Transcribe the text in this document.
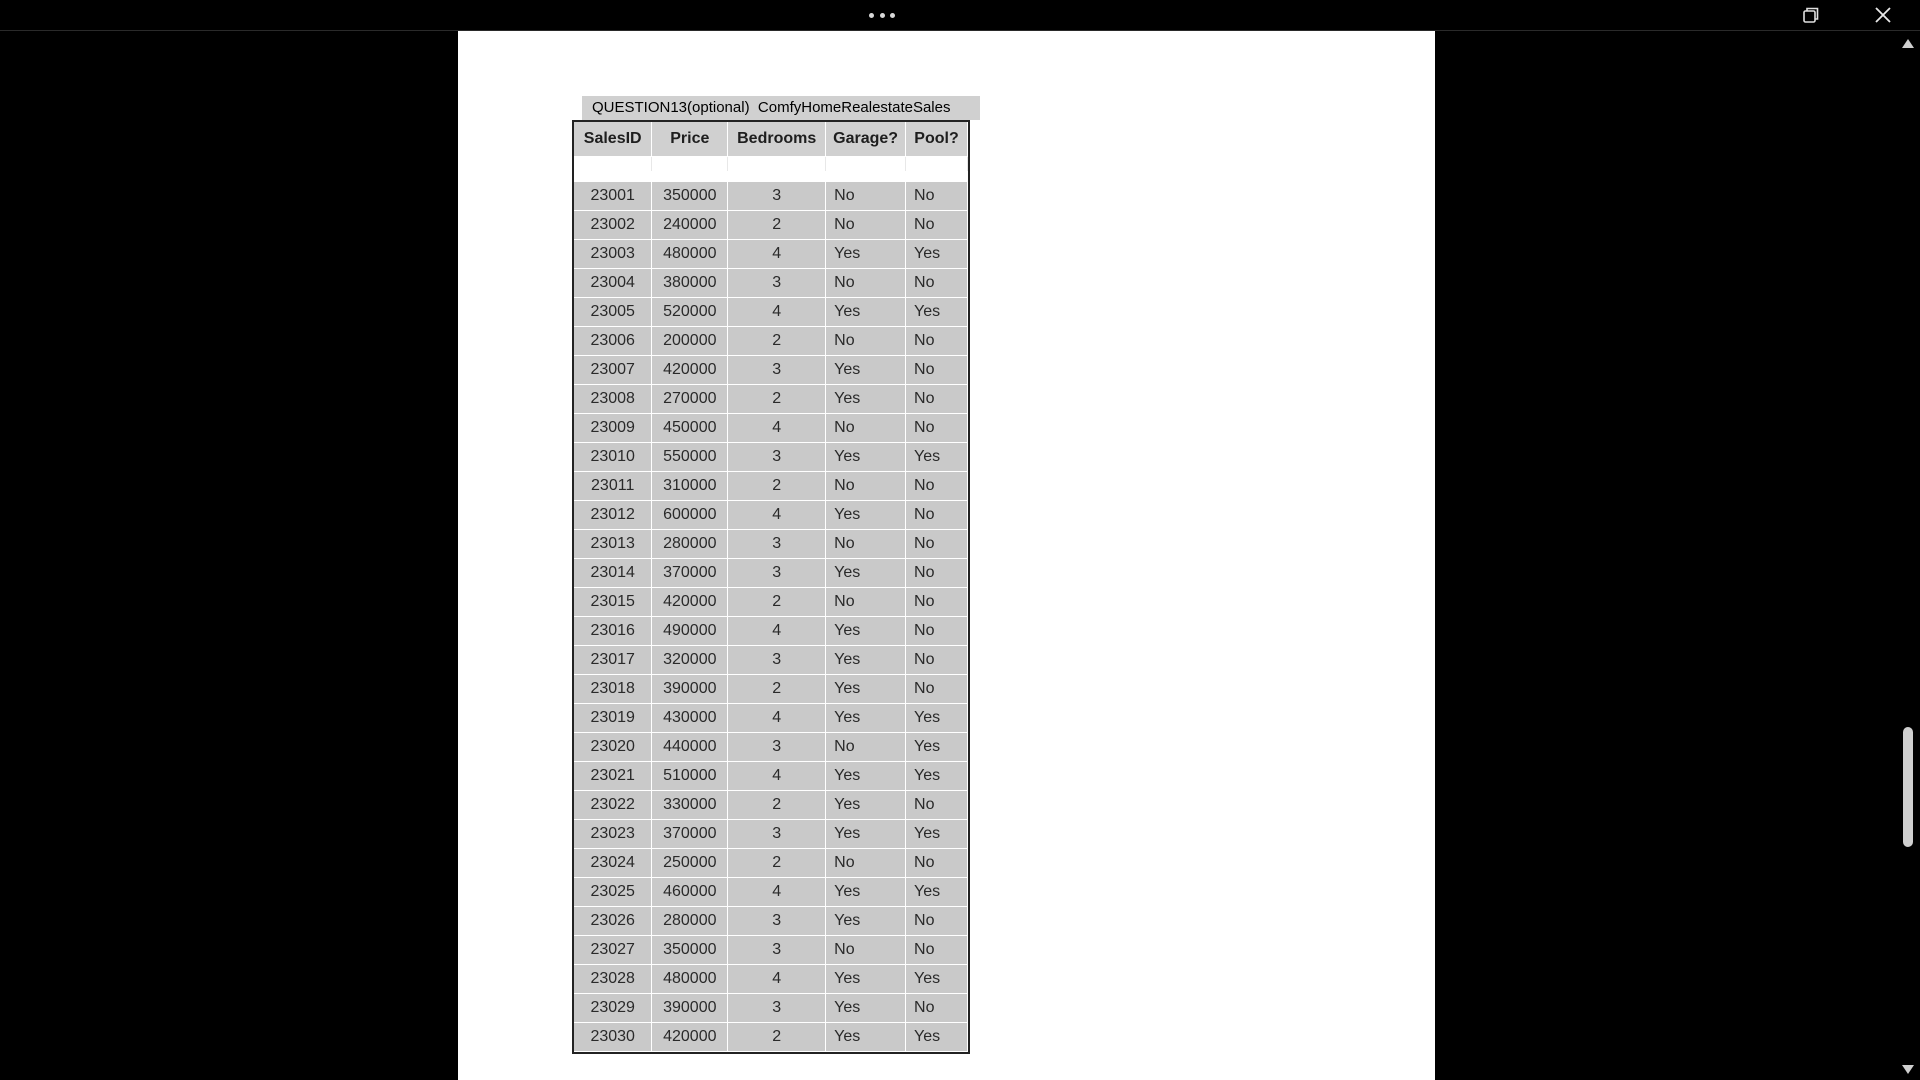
QUESTION13(optional)  ComfyHomeRealestateSales

SalesID	Price	Bedrooms	Garage?	Pool?

23001	350000	3	No	No
23002	240000	2	No	No
23003	480000	4	Yes	Yes
23004	380000	3	No	No
23005	520000	4	Yes	Yes
23006	200000	2	No	No
23007	420000	3	Yes	No
23008	270000	2	Yes	No
23009	450000	4	No	No
23010	550000	3	Yes	Yes
23011	310000	2	No	No
23012	600000	4	Yes	No
23013	280000	3	No	No
23014	370000	3	Yes	No
23015	420000	2	No	No
23016	490000	4	Yes	No
23017	320000	3	Yes	No
23018	390000	2	Yes	No
23019	430000	4	Yes	Yes
23020	440000	3	No	Yes
23021	510000	4	Yes	Yes
23022	330000	2	Yes	No
23023	370000	3	Yes	Yes
23024	250000	2	No	No
23025	460000	4	Yes	Yes
23026	280000	3	Yes	No
23027	350000	3	No	No
23028	480000	4	Yes	Yes
23029	390000	3	Yes	No
23030	420000	2	Yes	Yes
